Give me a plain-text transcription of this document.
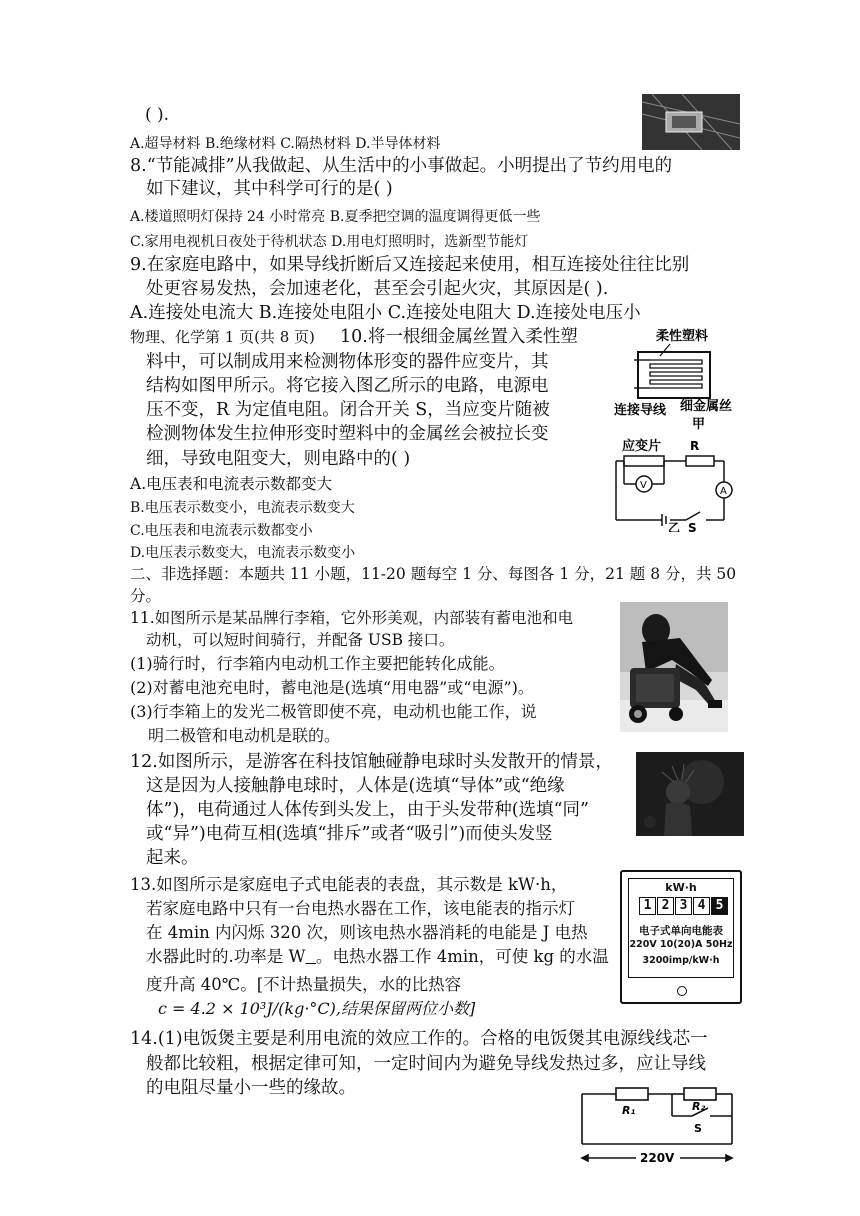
( ).
A.超导材料 B.绝缘材料 C.隔热材料 D.半导体材料
8.“节能减排”从我做起、从生活中的小事做起。小明提出了节约用电的
如下建议，其中科学可行的是( )
A.楼道照明灯保持 24 小时常亮 B.夏季把空调的温度调得更低一些
C.家用电视机日夜处于待机状态 D.用电灯照明时，选新型节能灯
9.在家庭电路中，如果导线折断后又连接起来使用，相互连接处往往比别
处更容易发热，会加速老化，甚至会引起火灾，其原因是( ).
A.连接处电流大 B.连接处电阻小 C.连接处电阻大 D.连接处电压小
物理、化学第 1 页(共 8 页) 10.将一根细金属丝置入柔性塑
料中，可以制成用来检测物体形变的器件应变片，其
结构如图甲所示。将它接入图乙所示的电路，电源电
压不变，R 为定值电阻。闭合开关 S，当应变片随被
检测物体发生拉伸形变时塑料中的金属丝会被拉长变
细，导致电阻变大，则电路中的( )
A.电压表和电流表示数都变大
B.电压表示数变小，电流表示数变大
C.电压表和电流表示数都变小
D.电压表示数变大，电流表示数变小
柔性塑料
连接导线 细金属丝
甲
应变片 R
V
A
乙 S
二、非选择题：本题共 11 小题，11-20 题每空 1 分、每图各 1 分，21 题 8 分，共 50
分。
11.如图所示是某品牌行李箱，它外形美观，内部装有蓄电池和电
动机，可以短时间骑行，并配备 USB 接口。
(1)骑行时，行李箱内电动机工作主要把能转化成能。
(2)对蓄电池充电时，蓄电池是(选填“用电器”或“电源”)。
(3)行李箱上的发光二极管即使不亮，电动机也能工作，说
明二极管和电动机是联的。
12.如图所示，是游客在科技馆触碰静电球时头发散开的情景，
这是因为人接触静电球时，人体是(选填“导体”或“绝缘
体”)，电荷通过人体传到头发上，由于头发带种(选填“同”
或“异”)电荷互相(选填“排斥”或者“吸引”)而使头发竖
起来。
13.如图所示是家庭电子式电能表的表盘，其示数是 kW·h，
若家庭电路中只有一台电热水器在工作，该电能表的指示灯
在 4min 内闪烁 320 次，则该电热水器消耗的电能是 J 电热
水器此时的.功率是 W 。电热水器工作 4min，可使 kg 的水温
度升高 40℃。[不计热量损失，水的比热容
c = 4.2 × 10³J/(kg·°C),结果保留两位小数]
kW·h
1 2 3 4 5
电子式单向电能表
220V 10(20)A 50Hz
3200imp/kW·h
14.(1)电饭煲主要是利用电流的效应工作的。合格的电饭煲其电源线线芯一
般都比较粗，根据定律可知，一定时间内为避免导线发热过多，应让导线
的电阻尽量小一些的缘故。
R₁	R₂
S
220V
